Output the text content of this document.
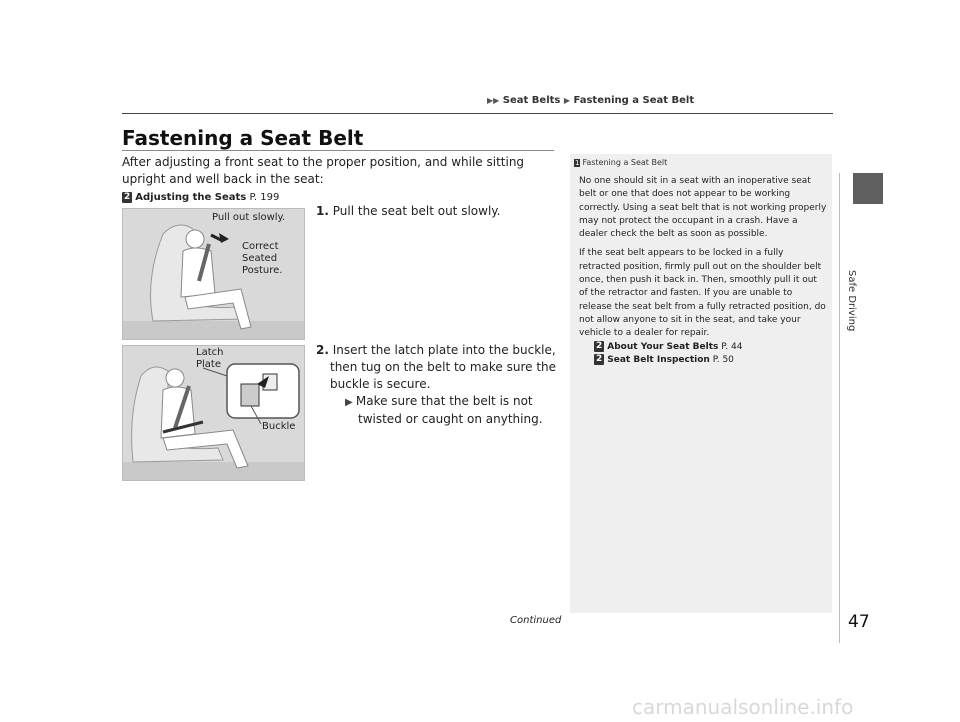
▶▶ Seat Belts ▶ Fastening a Seat Belt
Safe Driving
Fastening a Seat Belt
After adjusting a front seat to the proper position, and while sitting upright and well back in the seat:
2 Adjusting the Seats P. 199
Pull out slowly.
Correct
Seated
Posture.
Latch
Plate
Buckle
1. Pull the seat belt out slowly.
2. Insert the latch plate into the buckle, then tug on the belt to make sure the buckle is secure.
▶ Make sure that the belt is not twisted or caught on anything.
1 Fastening a Seat Belt

No one should sit in a seat with an inoperative seat belt or one that does not appear to be working correctly. Using a seat belt that is not working properly may not protect the occupant in a crash. Have a dealer check the belt as soon as possible.

If the seat belt appears to be locked in a fully retracted position, firmly pull out on the shoulder belt once, then push it back in. Then, smoothly pull it out of the retractor and fasten. If you are unable to release the seat belt from a fully retracted position, do not allow anyone to sit in the seat, and take your vehicle to a dealer for repair.

2 About Your Seat Belts P. 44
2 Seat Belt Inspection P. 50
Continued	47
carmanualsonline.info
